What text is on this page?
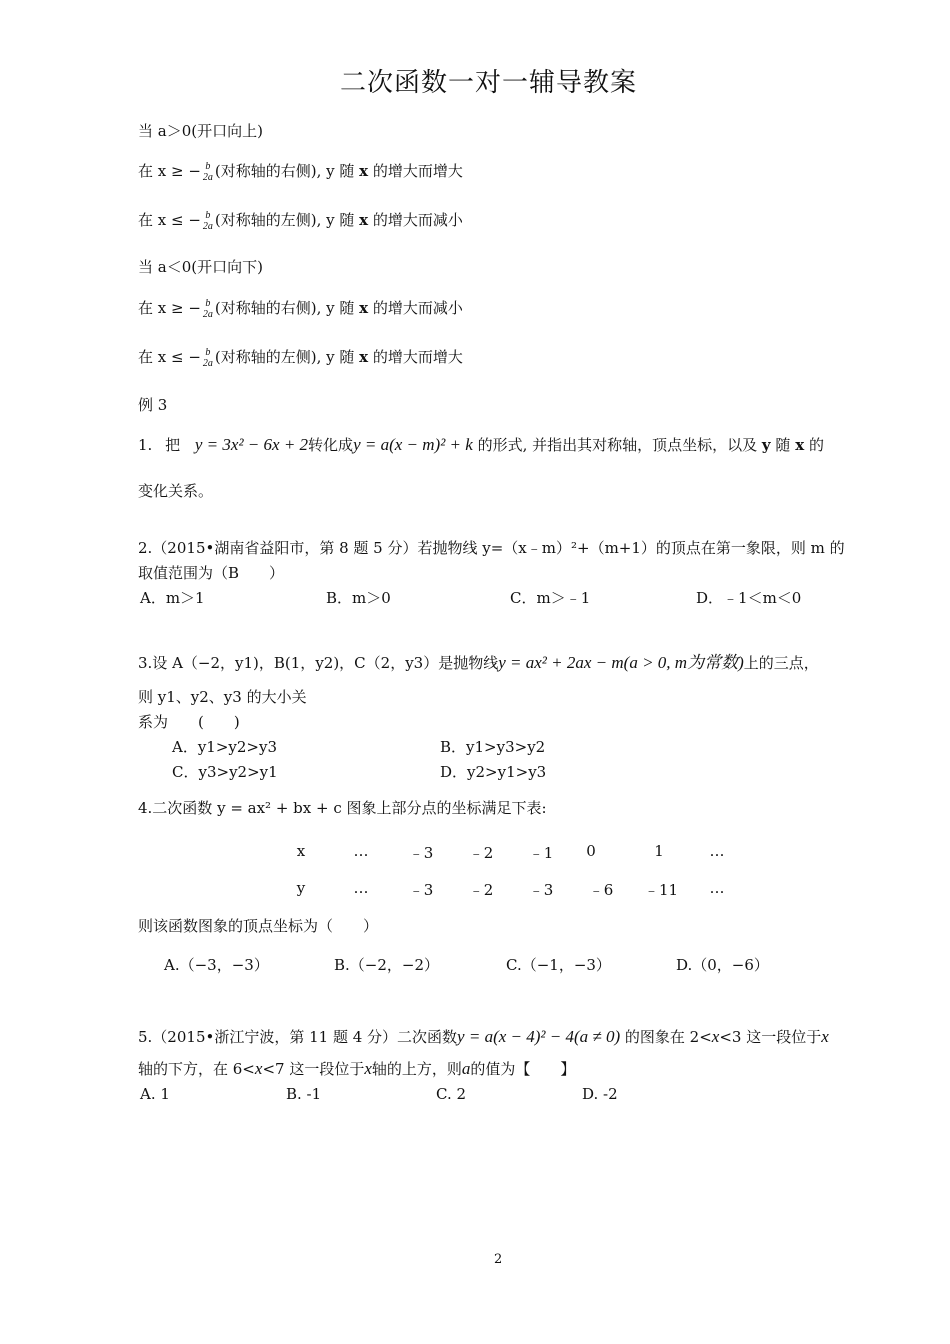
二次函数一对一辅导教案
当 a＞0(开口向上)
在 x ≥ − b
2a (对称轴的右侧), y 随 x 的增大而增大
在 x ≤ − b
2a (对称轴的左侧), y 随 x 的增大而减小
当 a＜0(开口向下)
在 x ≥ − b
2a (对称轴的右侧), y 随 x 的增大而减小
在 x ≤ − b
2a (对称轴的左侧), y 随 x 的增大而增大
例 3
1. 把 y = 3x² − 6x + 2转化成y = a(x − m)² + k 的形式, 并指出其对称轴，顶点坐标，以及 y 随 x 的
变化关系。
2.（2015•湖南省益阳市，第 8 题 5 分）若抛物线 y=（x﹣m）²+（m+1）的顶点在第一象限，则 m 的
取值范围为（B　　）
A．m＞1	B．m＞0	C．m＞﹣1	D．﹣1＜m＜0
3.设 A（−2，y1)，B(1，y2)，C（2，y3）是抛物线y = ax² + 2ax − m(a > 0, m为常数)上的三点，
则 y1、y2、y3 的大小关
系为　　(　　)
A．y1>y2>y3	B．y1>y3>y2
C．y3>y2>y1	D．y2>y1>y3
4.二次函数 y = ax² + bx + c 图象上部分点的坐标满足下表:
x	…	﹣3	﹣2	﹣1	0	1	…
y	…	﹣3	﹣2	﹣3	﹣6	﹣11	…
则该函数图象的顶点坐标为（　　）
A.（−3，−3）	B.（−2，−2）	C.（−1，−3）	D.（0，−6）
5.（2015•浙江宁波，第 11 题 4 分）二次函数y = a(x − 4)² − 4(a ≠ 0) 的图象在 2<x<3 这一段位于x
轴的下方，在 6<x<7 这一段位于x轴的上方，则a的值为【　　】
A. 1	B. -1	C. 2	D. -2
2
